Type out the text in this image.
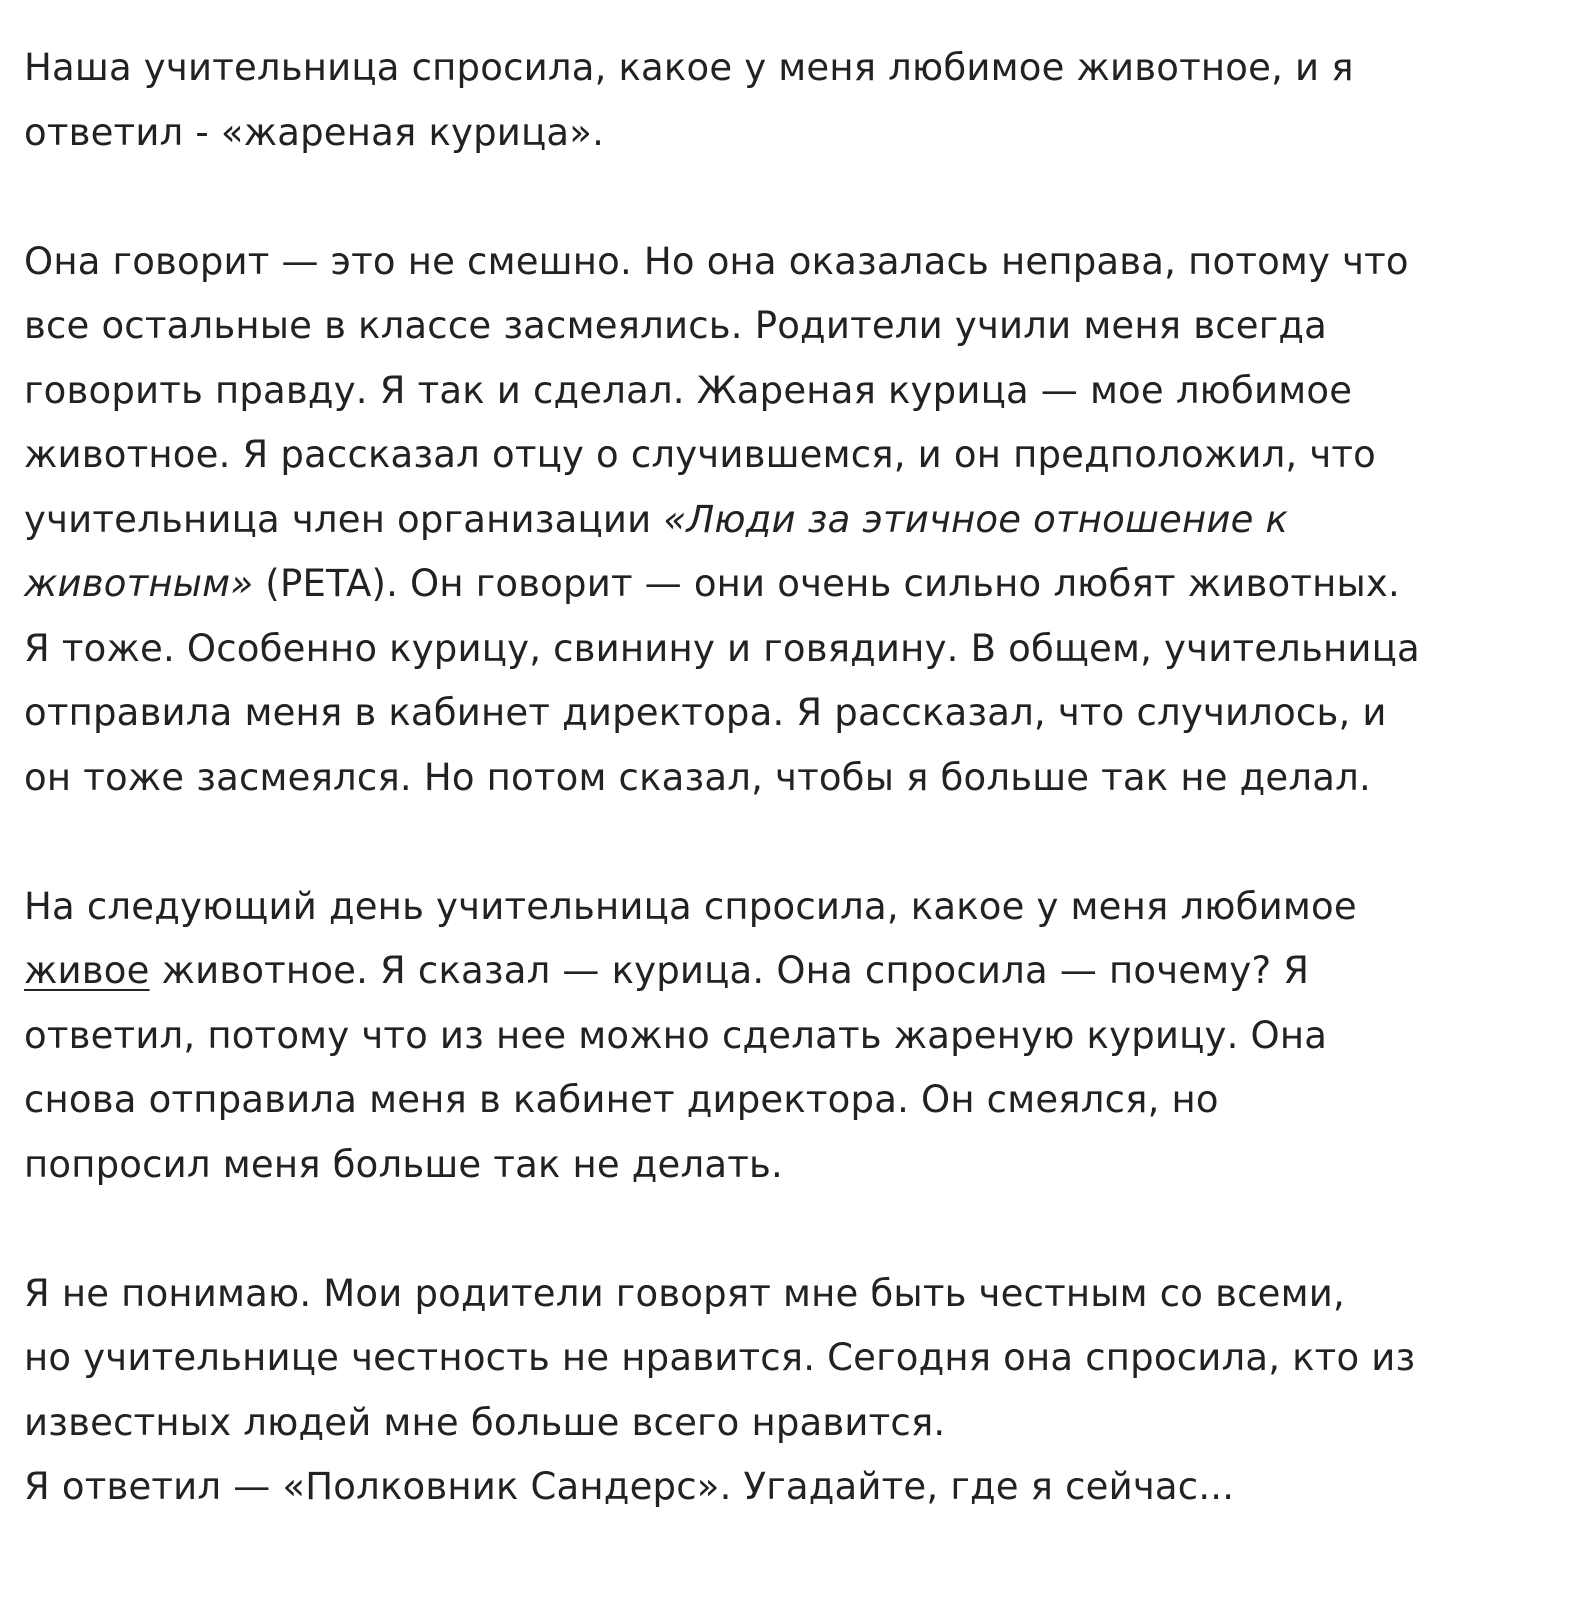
Наша учительница спросила, какое у меня любимое животное, и я
ответил - «жареная курица».

Она говорит — это не смешно. Но она оказалась неправа, потому что
все остальные в классе засмеялись. Родители учили меня всегда
говорить правду. Я так и сделал. Жареная курица — мое любимое
животное. Я рассказал отцу о случившемся, и он предположил, что
учительница член организации «Люди за этичное отношение к
животным» (PETA). Он говорит — они очень сильно любят животных.
Я тоже. Особенно курицу, свинину и говядину. В общем, учительница
отправила меня в кабинет директора. Я рассказал, что случилось, и
он тоже засмеялся. Но потом сказал, чтобы я больше так не делал.

На следующий день учительница спросила, какое у меня любимое
живое животное. Я сказал — курица. Она спросила — почему? Я
ответил, потому что из нее можно сделать жареную курицу. Она
снова отправила меня в кабинет директора. Он смеялся, но
попросил меня больше так не делать.

Я не понимаю. Мои родители говорят мне быть честным со всеми,
но учительнице честность не нравится. Сегодня она спросила, кто из
известных людей мне больше всего нравится.
Я ответил — «Полковник Сандерс». Угадайте, где я сейчас...
